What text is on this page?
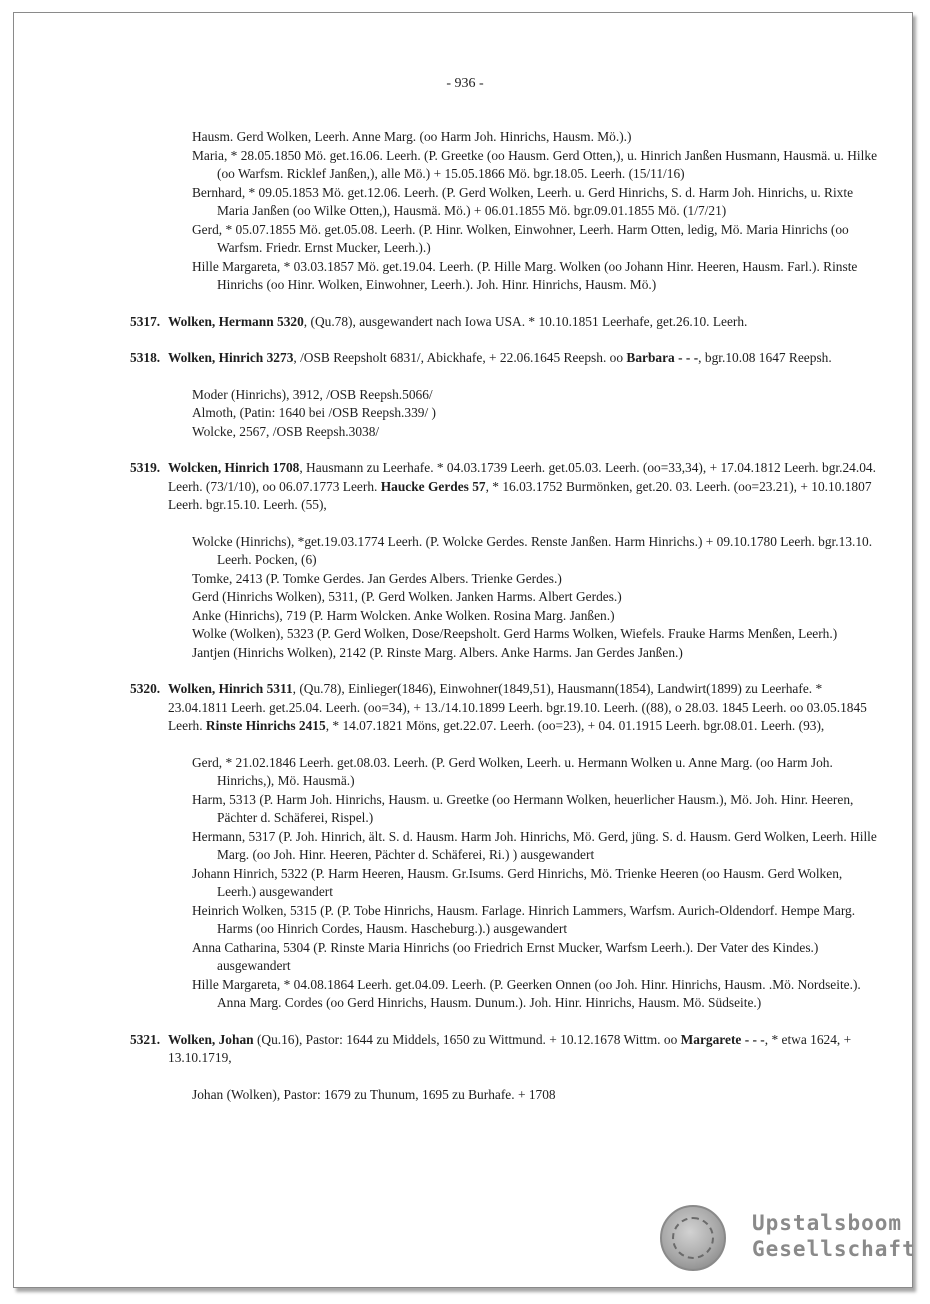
- 936 -
Hausm. Gerd Wolken, Leerh. Anne Marg. (oo Harm Joh. Hinrichs, Hausm. Mö.).)
Maria, * 28.05.1850 Mö. get.16.06. Leerh. (P. Greetke (oo Hausm. Gerd Otten,), u. Hinrich Janßen Husmann, Hausmä. u. Hilke (oo Warfsm. Ricklef Janßen,), alle Mö.) + 15.05.1866 Mö. bgr.18.05. Leerh. (15/11/16)
Bernhard, * 09.05.1853 Mö. get.12.06. Leerh. (P. Gerd Wolken, Leerh. u. Gerd Hinrichs, S. d. Harm Joh. Hinrichs, u. Rixte Maria Janßen (oo Wilke Otten,), Hausmä. Mö.) + 06.01.1855 Mö. bgr.09.01.1855 Mö. (1/7/21)
Gerd, * 05.07.1855 Mö. get.05.08. Leerh. (P. Hinr. Wolken, Einwohner, Leerh. Harm Otten, ledig, Mö. Maria Hinrichs (oo Warfsm. Friedr. Ernst Mucker, Leerh.).)
Hille Margareta, * 03.03.1857 Mö. get.19.04. Leerh. (P. Hille Marg. Wolken (oo Johann Hinr. Heeren, Hausm. Farl.). Rinste Hinrichs (oo Hinr. Wolken, Einwohner, Leerh.). Joh. Hinr. Hinrichs, Hausm. Mö.)
5317. Wolken, Hermann 5320, (Qu.78), ausgewandert nach Iowa USA. * 10.10.1851 Leerhafe, get.26.10. Leerh.
5318. Wolken, Hinrich 3273, /OSB Reepsholt 6831/, Abickhafe, + 22.06.1645 Reepsh. oo Barbara - - -, bgr.10.08 1647 Reepsh.
Moder (Hinrichs), 3912, /OSB Reepsh.5066/
Almoth, (Patin: 1640 bei /OSB Reepsh.339/ )
Wolcke, 2567, /OSB Reepsh.3038/
5319. Wolcken, Hinrich 1708, Hausmann zu Leerhafe. * 04.03.1739 Leerh. get.05.03. Leerh. (oo=33,34), + 17.04.1812 Leerh. bgr.24.04. Leerh. (73/1/10), oo 06.07.1773 Leerh. Haucke Gerdes 57, * 16.03.1752 Burmönken, get.20. 03. Leerh. (oo=23.21), + 10.10.1807 Leerh. bgr.15.10. Leerh. (55),
Wolcke (Hinrichs), *get.19.03.1774 Leerh. (P. Wolcke Gerdes. Renste Janßen. Harm Hinrichs.) + 09.10.1780 Leerh. bgr.13.10. Leerh. Pocken, (6)
Tomke, 2413 (P. Tomke Gerdes. Jan Gerdes Albers. Trienke Gerdes.)
Gerd (Hinrichs Wolken), 5311, (P. Gerd Wolken. Janken Harms. Albert Gerdes.)
Anke (Hinrichs), 719 (P. Harm Wolcken. Anke Wolken. Rosina Marg. Janßen.)
Wolke (Wolken), 5323 (P. Gerd Wolken, Dose/Reepsholt. Gerd Harms Wolken, Wiefels. Frauke Harms Menßen, Leerh.)
Jantjen (Hinrichs Wolken), 2142 (P. Rinste Marg. Albers. Anke Harms. Jan Gerdes Janßen.)
5320. Wolken, Hinrich 5311, (Qu.78), Einlieger(1846), Einwohner(1849,51), Hausmann(1854), Landwirt(1899) zu Leerhafe. * 23.04.1811 Leerh. get.25.04. Leerh. (oo=34), + 13./14.10.1899 Leerh. bgr.19.10. Leerh. ((88), o 28.03. 1845 Leerh. oo 03.05.1845 Leerh. Rinste Hinrichs 2415, * 14.07.1821 Möns, get.22.07. Leerh. (oo=23), + 04. 01.1915 Leerh. bgr.08.01. Leerh. (93),
Gerd, * 21.02.1846 Leerh. get.08.03. Leerh. (P. Gerd Wolken, Leerh. u. Hermann Wolken u. Anne Marg. (oo Harm Joh. Hinrichs,), Mö. Hausmä.)
Harm, 5313 (P. Harm Joh. Hinrichs, Hausm. u. Greetke (oo Hermann Wolken, heuerlicher Hausm.), Mö. Joh. Hinr. Heeren, Pächter d. Schäferei, Rispel.)
Hermann, 5317 (P. Joh. Hinrich, ält. S. d. Hausm. Harm Joh. Hinrichs, Mö. Gerd, jüng. S. d. Hausm. Gerd Wolken, Leerh. Hille Marg. (oo Joh. Hinr. Heeren, Pächter d. Schäferei, Ri.) ) ausgewandert
Johann Hinrich, 5322 (P. Harm Heeren, Hausm. Gr.Isums. Gerd Hinrichs, Mö. Trienke Heeren (oo Hausm. Gerd Wolken, Leerh.) ausgewandert
Heinrich Wolken, 5315 (P. (P. Tobe Hinrichs, Hausm. Farlage. Hinrich Lammers, Warfsm. Aurich-Oldendorf. Hempe Marg. Harms (oo Hinrich Cordes, Hausm. Hascheburg.).) ausgewandert
Anna Catharina, 5304 (P. Rinste Maria Hinrichs (oo Friedrich Ernst Mucker, Warfsm Leerh.). Der Vater des Kindes.) ausgewandert
Hille Margareta, * 04.08.1864 Leerh. get.04.09. Leerh. (P. Geerken Onnen (oo Joh. Hinr. Hinrichs, Hausm. .Mö. Nordseite.). Anna Marg. Cordes (oo Gerd Hinrichs, Hausm. Dunum.). Joh. Hinr. Hinrichs, Hausm. Mö. Südseite.)
5321. Wolken, Johan (Qu.16), Pastor: 1644 zu Middels, 1650 zu Wittmund. + 10.12.1678 Wittm. oo Margarete - - -, * etwa 1624, + 13.10.1719,
Johan (Wolken), Pastor: 1679 zu Thunum, 1695 zu Burhafe. + 1708
Upstalsboom
Gesellschaft
